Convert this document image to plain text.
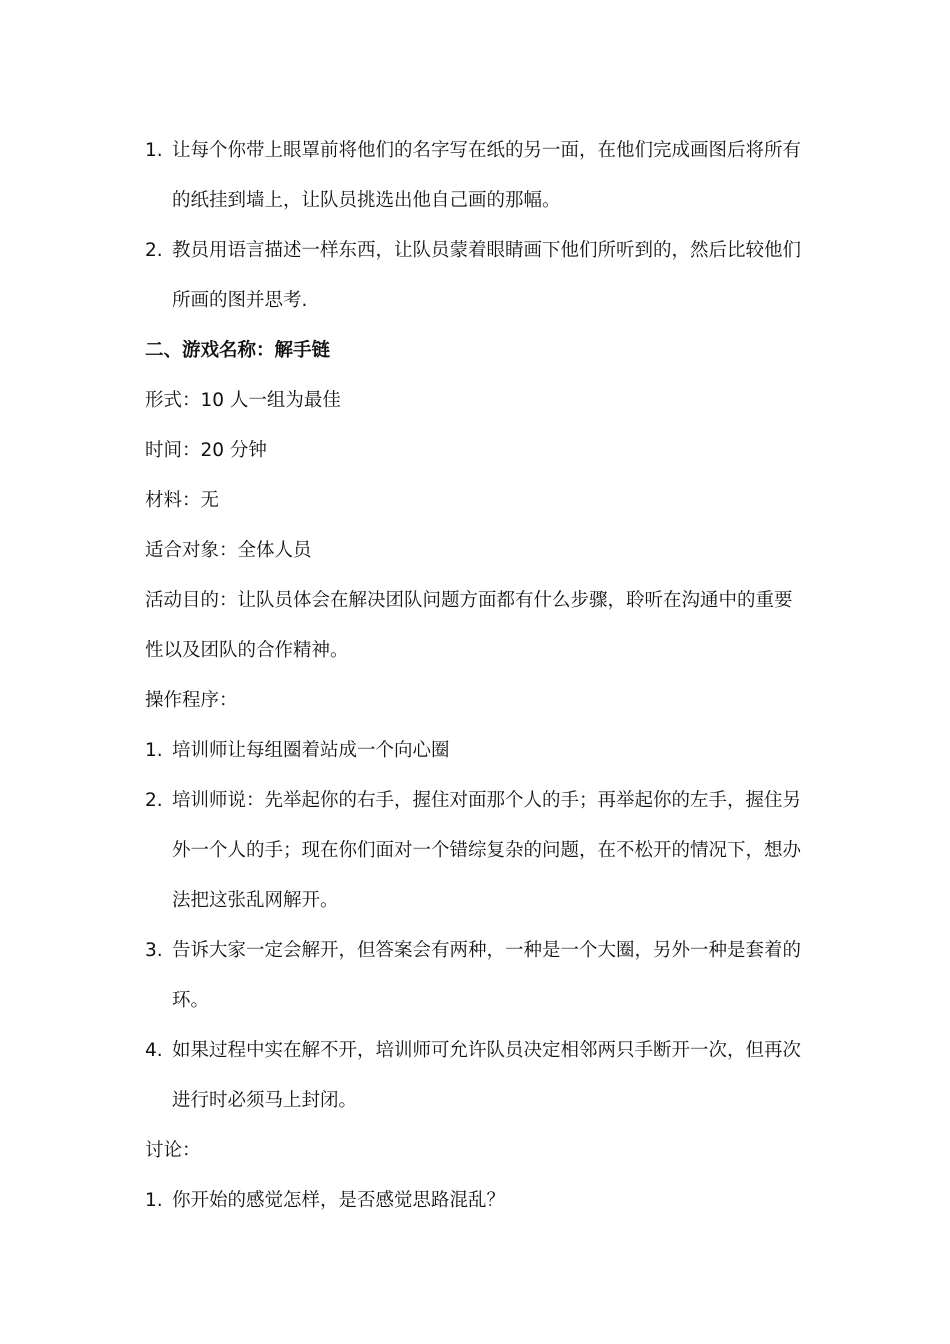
1. 让每个你带上眼罩前将他们的名字写在纸的另一面，在他们完成画图后将所有的纸挂到墙上，让队员挑选出他自己画的那幅。
2. 教员用语言描述一样东西，让队员蒙着眼睛画下他们所听到的，然后比较他们所画的图并思考.
二、游戏名称：解手链
形式：10 人一组为最佳
时间：20 分钟
材料：无
适合对象：全体人员
活动目的：让队员体会在解决团队问题方面都有什么步骤，聆听在沟通中的重要性以及团队的合作精神。
操作程序：
1. 培训师让每组圈着站成一个向心圈
2. 培训师说：先举起你的右手，握住对面那个人的手；再举起你的左手，握住另外一个人的手；现在你们面对一个错综复杂的问题，在不松开的情况下，想办法把这张乱网解开。
3. 告诉大家一定会解开，但答案会有两种，一种是一个大圈，另外一种是套着的环。
4. 如果过程中实在解不开，培训师可允许队员决定相邻两只手断开一次，但再次进行时必须马上封闭。
讨论：
1. 你开始的感觉怎样，是否感觉思路混乱？
